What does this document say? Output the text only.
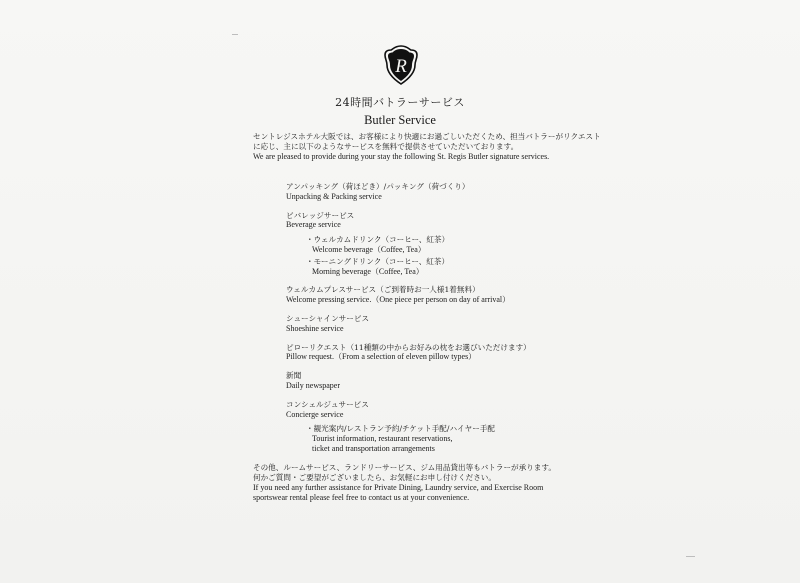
R
24時間バトラーサービス
Butler Service
セントレジスホテル大阪では、お客様により快適にお過ごしいただくため、担当バトラーがリクエスト
に応じ、主に以下のようなサービスを無料で提供させていただいております。
We are pleased to provide during your stay the following St. Regis Butler signature services.
アンパッキング（荷ほどき）/パッキング（荷づくり）
Unpacking & Packing service
ビバレッジサービス
Beverage service
・ウェルカムドリンク（コーヒー、紅茶）
Welcome beverage（Coffee, Tea）
・モーニングドリンク（コーヒー、紅茶）
Morning beverage（Coffee, Tea）
ウェルカムプレスサービス（ご到着時お一人様1着無料）
Welcome pressing service.（One piece per person on day of arrival）
シューシャインサービス
Shoeshine service
ピローリクエスト（11種類の中からお好みの枕をお選びいただけます）
Pillow request.（From a selection of eleven pillow types）
新聞
Daily newspaper
コンシェルジュサービス
Concierge service
・観光案内/レストラン予約/チケット手配/ハイヤー手配
Tourist information, restaurant reservations,
ticket and transportation arrangements
その他、ルームサービス、ランドリーサービス、ジム用品貸出等もバトラーが承ります。
何かご質問・ご要望がございましたら、お気軽にお申し付けください。
If you need any further assistance for Private Dining, Laundry service, and Exercise Room
sportswear rental please feel free to contact us at your convenience.
